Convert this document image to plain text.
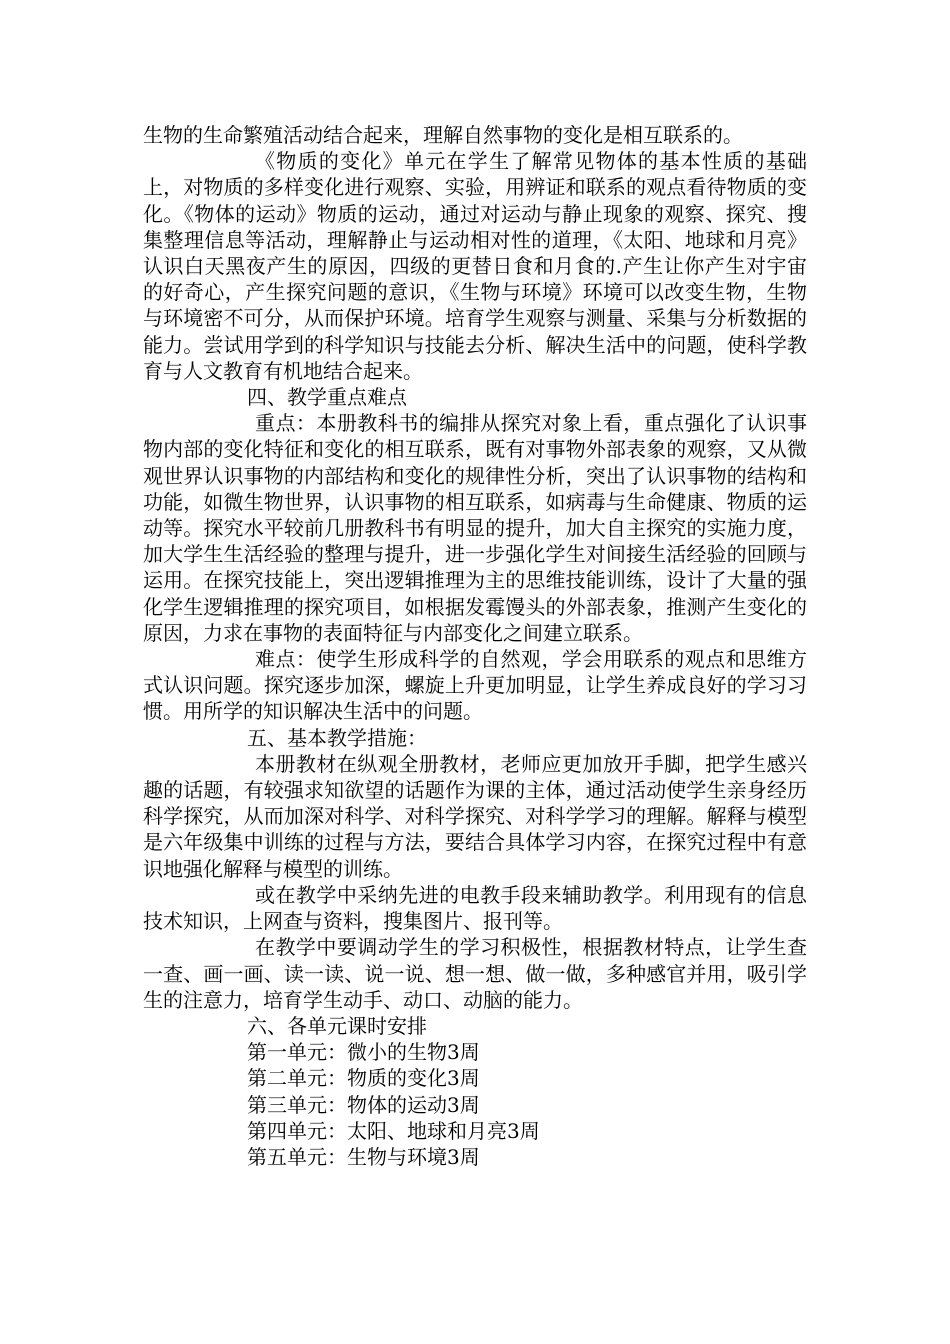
生物的生命繁殖活动结合起来，理解自然事物的变化是相互联系的。

《物质的变化》单元在学生了解常见物体的基本性质的基础上，对物质的多样变化进行观察、实验，用辨证和联系的观点看待物质的变化。《物体的运动》物质的运动，通过对运动与静止现象的观察、探究、搜集整理信息等活动，理解静止与运动相对性的道理，《太阳、地球和月亮》认识白天黑夜产生的原因，四级的更替日食和月食的.产生让你产生对宇宙的好奇心，产生探究问题的意识，《生物与环境》环境可以改变生物，生物与环境密不可分，从而保护环境。培育学生观察与测量、采集与分析数据的能力。尝试用学到的科学知识与技能去分析、解决生活中的问题，使科学教育与人文教育有机地结合起来。

四、教学重点难点

重点：本册教科书的编排从探究对象上看，重点强化了认识事物内部的变化特征和变化的相互联系，既有对事物外部表象的观察，又从微观世界认识事物的内部结构和变化的规律性分析，突出了认识事物的结构和功能，如微生物世界，认识事物的相互联系，如病毒与生命健康、物质的运动等。探究水平较前几册教科书有明显的提升，加大自主探究的实施力度，加大学生生活经验的整理与提升，进一步强化学生对间接生活经验的回顾与运用。在探究技能上，突出逻辑推理为主的思维技能训练，设计了大量的强化学生逻辑推理的探究项目，如根据发霉馒头的外部表象，推测产生变化的原因，力求在事物的表面特征与内部变化之间建立联系。

难点：使学生形成科学的自然观，学会用联系的观点和思维方式认识问题。探究逐步加深，螺旋上升更加明显，让学生养成良好的学习习惯。用所学的知识解决生活中的问题。

五、基本教学措施：

本册教材在纵观全册教材，老师应更加放开手脚，把学生感兴趣的话题，有较强求知欲望的话题作为课的主体，通过活动使学生亲身经历科学探究，从而加深对科学、对科学探究、对科学学习的理解。解释与模型是六年级集中训练的过程与方法，要结合具体学习内容，在探究过程中有意识地强化解释与模型的训练。

或在教学中采纳先进的电教手段来辅助教学。利用现有的信息技术知识，上网查与资料，搜集图片、报刊等。

在教学中要调动学生的学习积极性，根据教材特点，让学生查一查、画一画、读一读、说一说、想一想、做一做，多种感官并用，吸引学生的注意力，培育学生动手、动口、动脑的能力。

六、各单元课时安排

第一单元：微小的生物3周

第二单元：物质的变化3周

第三单元：物体的运动3周

第四单元：太阳、地球和月亮3周

第五单元：生物与环境3周
